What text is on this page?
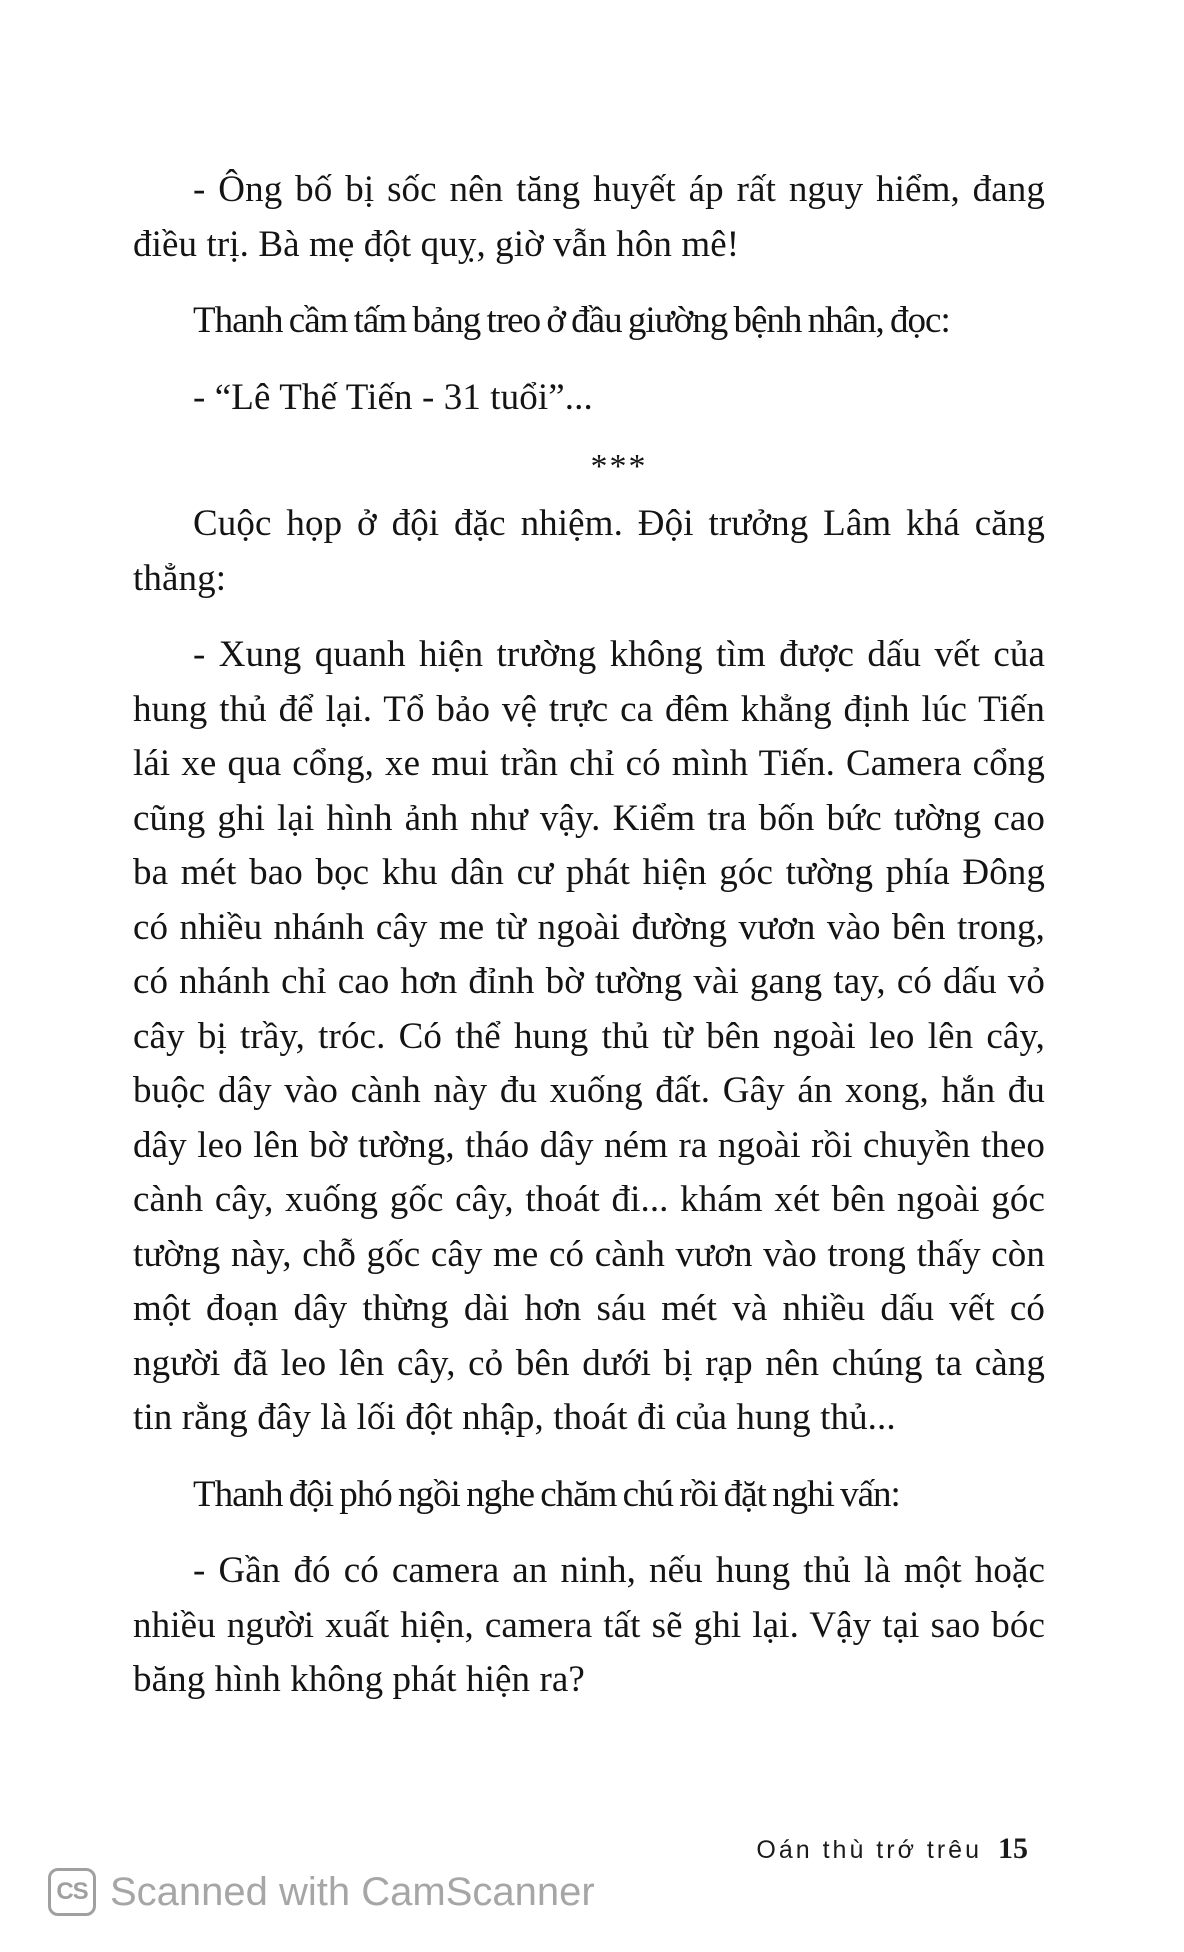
- Ông bố bị sốc nên tăng huyết áp rất nguy hiểm, đang điều trị. Bà mẹ đột quỵ, giờ vẫn hôn mê!

Thanh cầm tấm bảng treo ở đầu giường bệnh nhân, đọc:

- “Lê Thế Tiến - 31 tuổi”...

***

Cuộc họp ở đội đặc nhiệm. Đội trưởng Lâm khá căng thẳng:

- Xung quanh hiện trường không tìm được dấu vết của hung thủ để lại. Tổ bảo vệ trực ca đêm khẳng định lúc Tiến lái xe qua cổng, xe mui trần chỉ có mình Tiến. Camera cổng cũng ghi lại hình ảnh như vậy. Kiểm tra bốn bức tường cao ba mét bao bọc khu dân cư phát hiện góc tường phía Đông có nhiều nhánh cây me từ ngoài đường vươn vào bên trong, có nhánh chỉ cao hơn đỉnh bờ tường vài gang tay, có dấu vỏ cây bị trầy, tróc. Có thể hung thủ từ bên ngoài leo lên cây, buộc dây vào cành này đu xuống đất. Gây án xong, hắn đu dây leo lên bờ tường, tháo dây ném ra ngoài rồi chuyền theo cành cây, xuống gốc cây, thoát đi... khám xét bên ngoài góc tường này, chỗ gốc cây me có cành vươn vào trong thấy còn một đoạn dây thừng dài hơn sáu mét và nhiều dấu vết có người đã leo lên cây, cỏ bên dưới bị rạp nên chúng ta càng tin rằng đây là lối đột nhập, thoát đi của hung thủ...

Thanh đội phó ngồi nghe chăm chú rồi đặt nghi vấn:

- Gần đó có camera an ninh, nếu hung thủ là một hoặc nhiều người xuất hiện, camera tất sẽ ghi lại. Vậy tại sao bóc băng hình không phát hiện ra?

Oán thù trớ trêu 15
CS Scanned with CamScanner
